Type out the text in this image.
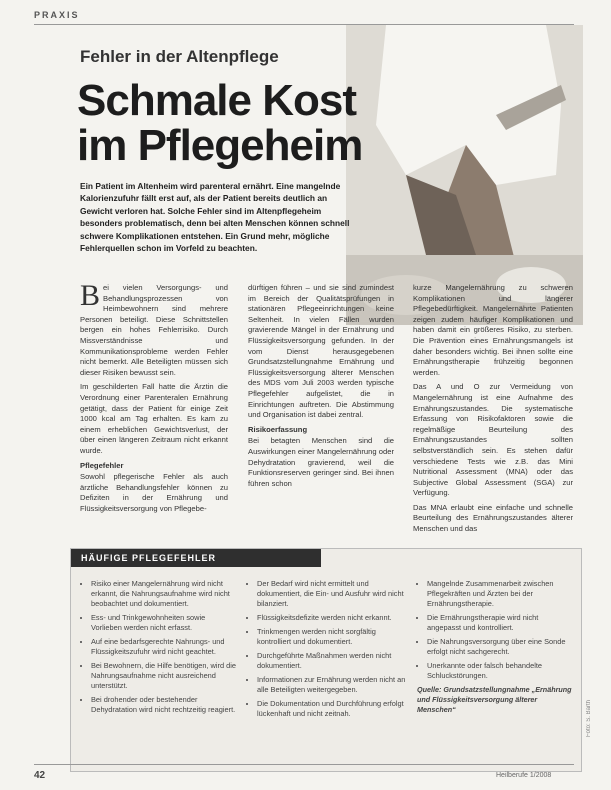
PRAXIS
Fehler in der Altenpflege
Schmale Kost
im Pflegeheim
Ein Patient im Altenheim wird parenteral ernährt. Eine mangelnde Kalorienzufuhr fällt erst auf, als der Patient bereits deutlich an Gewicht verloren hat. Solche Fehler sind im Altenpflegeheim besonders problematisch, denn bei alten Menschen können schnell schwere Komplikationen entstehen. Ein Grund mehr, mögliche Fehlerquellen schon im Vorfeld zu beachten.

Bei vielen Versorgungs- und Behandlungsprozessen von Heimbewohnern sind mehrere Personen beteiligt. Diese Schnittstellen bergen ein hohes Fehlerrisiko. Durch Missverständnisse und Kommunikationsprobleme werden Fehler nicht bemerkt. Alle Beteiligten müssen sich dieser Risiken bewusst sein.

Im geschilderten Fall hatte die Ärztin die Verordnung einer Parenteralen Ernährung getätigt, dass der Patient für einige Zeit 1000 kcal am Tag erhalten. Es kam zu einem erheblichen Gewichtsverlust, der über einen längeren Zeitraum nicht erkannt wurde.

Pflegefehler

Sowohl pflegerische Fehler als auch ärztliche Behandlungsfehler können zu Defiziten in der Ernährung und Flüssigkeitsversorgung von Pflegebe-

dürftigen führen – und sie sind zumindest im Bereich der Qualitätsprüfungen in stationären Pflegeeinrichtungen keine Seltenheit. In vielen Fällen wurden gravierende Mängel in der Ernährung und Flüssigkeitsversorgung gefunden. In der vom Dienst herausgegebenen Grundsatzstellungnahme Ernährung und Flüssigkeitsversorgung älterer Menschen des MDS vom Juli 2003 werden typische Pflegefehler aufgelistet, die in Einrichtungen auftreten. Die Abstimmung und Organisation ist dabei zentral.

Risikoerfassung

Bei betagten Menschen sind die Auswirkungen einer Mangelernährung oder Dehydratation gravierend, weil die Funktionsreserven geringer sind. Bei ihnen führen schon

kurze Mangelernährung zu schweren Komplikationen und längerer Pflegebedürftigkeit. Mangelernährte Patienten zeigen zudem häufiger Komplikationen und haben damit ein größeres Risiko, zu sterben. Die Prävention eines Ernährungsmangels ist daher besonders wichtig. Bei ihnen sollte eine Ernährungstherapie frühzeitig begonnen werden.

Das A und O zur Vermeidung von Mangelernährung ist eine Aufnahme des Ernährungszustandes. Die systematische Erfassung von Risikofaktoren sowie die regelmäßige Beurteilung des Ernährungszustandes sollten selbstverständlich sein. Es stehen dafür verschiedene Tests wie z.B. das Mini Nutritional Assessment (MNA) oder das Subjective Global Assessment (SGA) zur Verfügung.

Das MNA erlaubt eine einfache und schnelle Beurteilung des Ernährungszustandes älterer Menschen und das

HÄUFIGE PFLEGEFEHLER
• Risiko einer Mangelernährung wird nicht erkannt, die Nahrungsaufnahme wird nicht beobachtet und dokumentiert.
• Ess- und Trinkgewohnheiten sowie Vorlieben werden nicht erfasst.
• Auf eine bedarfsgerechte Nahrungs- und Flüssigkeitszufuhr wird nicht geachtet.
• Bei Bewohnern, die Hilfe benötigen, wird die Nahrungsaufnahme nicht ausreichend unterstützt.
• Bei drohender oder bestehender Dehydratation wird nicht rechtzeitig reagiert.
• Der Bedarf wird nicht ermittelt und dokumentiert, die Ein- und Ausfuhr wird nicht bilanziert.
• Flüssigkeitsdefizite werden nicht erkannt.
• Trinkmengen werden nicht sorgfältig kontrolliert und dokumentiert.
• Durchgeführte Maßnahmen werden nicht dokumentiert.
• Informationen zur Ernährung werden nicht an alle Beteiligten weitergegeben.
• Die Dokumentation und Durchführung erfolgt lückenhaft und nicht zeitnah.
• Mangelnde Zusammenarbeit zwischen Pflegekräften und Ärzten bei der Ernährungstherapie.
• Die Ernährungstherapie wird nicht angepasst und kontrolliert.
• Die Nahrungsversorgung über eine Sonde erfolgt nicht sachgerecht.
• Unerkannte oder falsch behandelte Schluckstörungen.
Quelle: Grundsatzstellungnahme „Ernährung und Flüssigkeitsversorgung älterer Menschen“	Foto: S. Barth
42	Heilberufe 1/2008
